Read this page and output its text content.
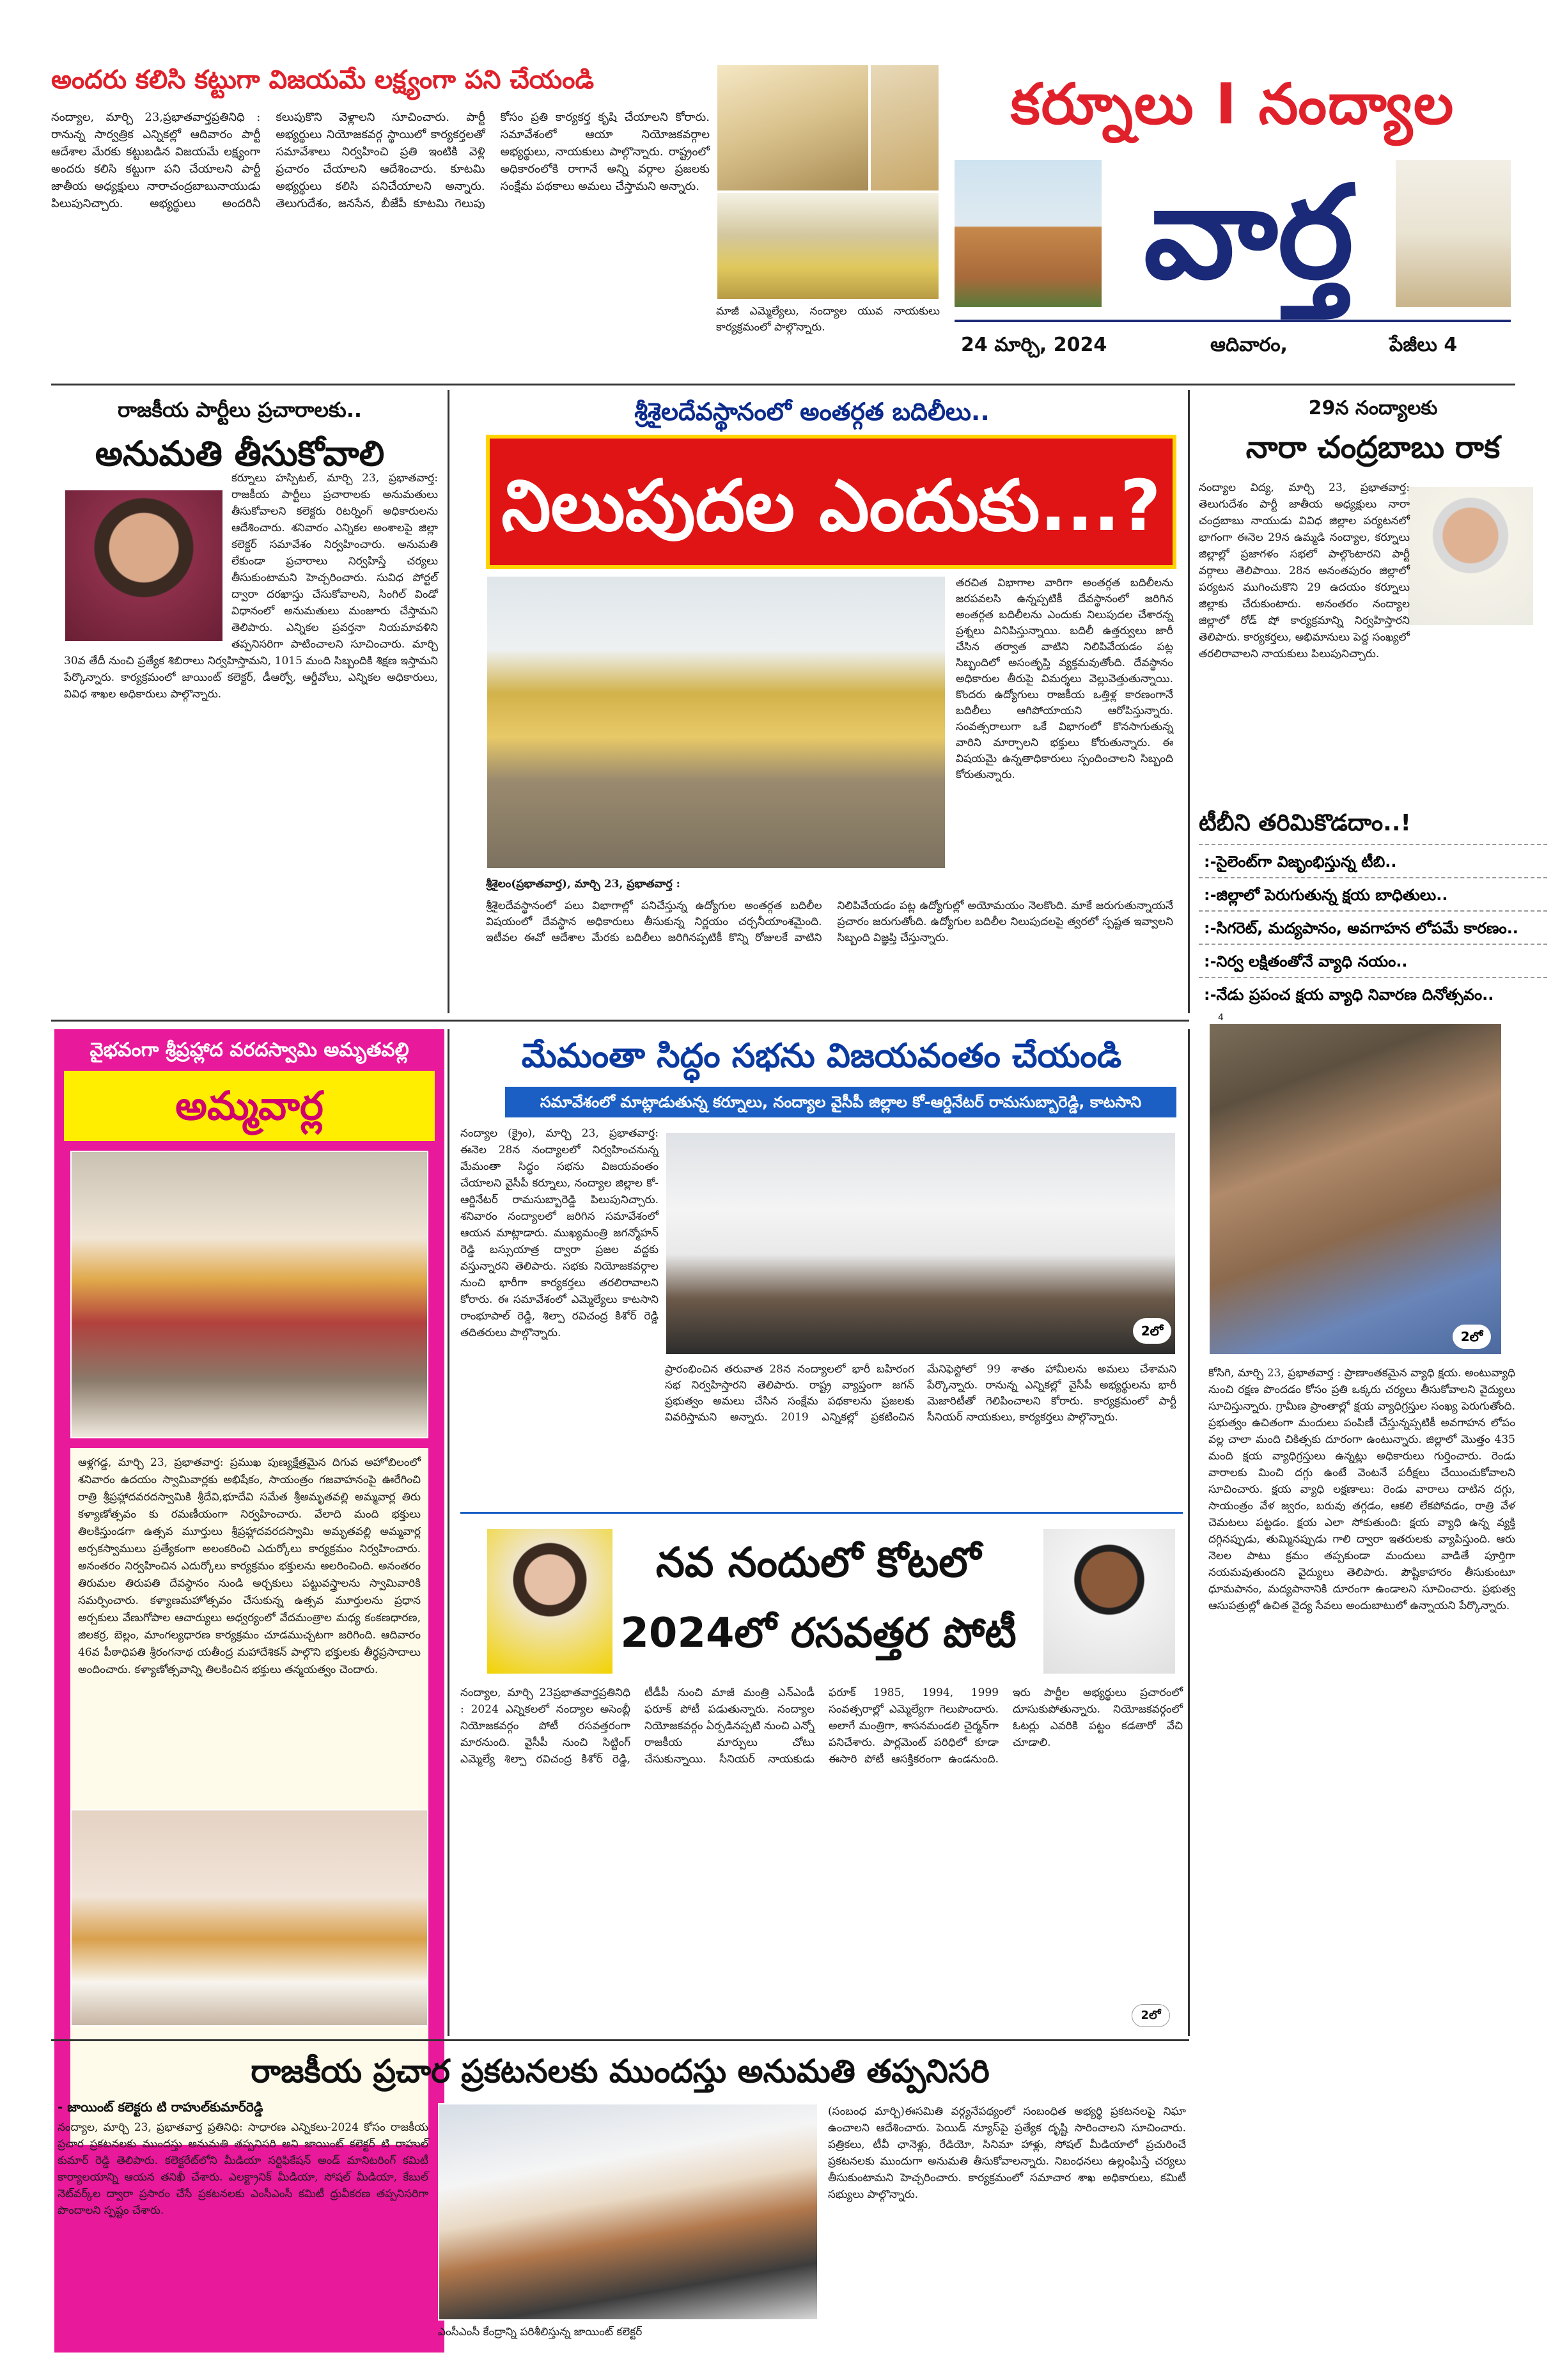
అందరు కలిసి కట్టుగా విజయమే లక్ష్యంగా పని చేయండి
నంద్యాల, మార్చి 23,ప్రభాతవార్తప్రతినిధి : రానున్న సార్వత్రిక ఎన్నికల్లో ఆదివారం పార్టీ ఆదేశాల మేరకు కట్టుబడిన విజయమే లక్ష్యంగా అందరు కలిసి కట్టుగా పని చేయాలని పార్టీ జాతీయ అధ్యక్షులు నారాచంద్రబాబునాయుడు పిలుపునిచ్చారు. అభ్యర్థులు అందరినీ కలుపుకొని వెళ్లాలని సూచించారు. పార్టీ అభ్యర్థులు నియోజకవర్గ స్థాయిలో కార్యకర్తలతో సమావేశాలు నిర్వహించి ప్రతి ఇంటికి వెళ్లి ప్రచారం చేయాలని ఆదేశించారు. కూటమి అభ్యర్థులు కలిసి పనిచేయాలని అన్నారు. తెలుగుదేశం, జనసేన, బీజేపీ కూటమి గెలుపు కోసం ప్రతి కార్యకర్త కృషి చేయాలని కోరారు. సమావేశంలో ఆయా నియోజకవర్గాల అభ్యర్థులు, నాయకులు పాల్గొన్నారు. రాష్ట్రంలో అధికారంలోకి రాగానే అన్ని వర్గాల ప్రజలకు సంక్షేమ పథకాలు అమలు చేస్తామని అన్నారు.
మాజీ ఎమ్మెల్యేలు, నంద్యాల యువ నాయకులు కార్యక్రమంలో పాల్గొన్నారు.
కర్నూలు I నంద్యాల
వార్త
24 మార్చి, 2024	ఆదివారం,	పేజీలు 4
రాజకీయ పార్టీలు ప్రచారాలకు..
అనుమతి తీసుకోవాలి
కర్నూలు హస్పిటల్, మార్చి 23, ప్రభాతవార్త: రాజకీయ పార్టీలు ప్రచారాలకు అనుమతులు తీసుకోవాలని కలెక్టరు రిటర్నింగ్ అధికారులను ఆదేశించారు. శనివారం ఎన్నికల అంశాలపై జిల్లా కలెక్టర్ సమావేశం నిర్వహించారు. అనుమతి లేకుండా ప్రచారాలు నిర్వహిస్తే చర్యలు తీసుకుంటామని హెచ్చరించారు. సువిధ పోర్టల్ ద్వారా దరఖాస్తు చేసుకోవాలని, సింగిల్ విండో విధానంలో అనుమతులు మంజూరు చేస్తామని తెలిపారు. ఎన్నికల ప్రవర్తనా నియమావళిని తప్పనిసరిగా పాటించాలని సూచించారు. మార్చి 30వ తేదీ నుంచి ప్రత్యేక శిబిరాలు నిర్వహిస్తామని, 1015 మంది సిబ్బందికి శిక్షణ ఇస్తామని పేర్కొన్నారు. కార్యక్రమంలో జాయింట్ కలెక్టర్, డీఆర్వో, ఆర్డీవోలు, ఎన్నికల అధికారులు, వివిధ శాఖల అధికారులు పాల్గొన్నారు.
శ్రీశైలదేవస్థానంలో అంతర్గత బదిలీలు..
నిలుపుదల ఎందుకు...?
శ్రీశైలం(ప్రభాతవార్త), మార్చి 23, ప్రభాతవార్త :
తరచిత విభాగాల వారిగా అంతర్గత బదిలీలను జరపవలసి ఉన్నప్పటికీ దేవస్థానంలో జరిగిన అంతర్గత బదిలీలను ఎందుకు నిలుపుదల చేశారన్న ప్రశ్నలు వినిపిస్తున్నాయి. బదిలీ ఉత్తర్వులు జారీ చేసిన తర్వాత వాటిని నిలిపివేయడం పట్ల సిబ్బందిలో అసంతృప్తి వ్యక్తమవుతోంది. దేవస్థానం అధికారుల తీరుపై విమర్శలు వెల్లువెత్తుతున్నాయి. కొందరు ఉద్యోగులు రాజకీయ ఒత్తిళ్ల కారణంగానే బదిలీలు ఆగిపోయాయని ఆరోపిస్తున్నారు. సంవత్సరాలుగా ఒకే విభాగంలో కొనసాగుతున్న వారిని మార్చాలని భక్తులు కోరుతున్నారు. ఈ విషయమై ఉన్నతాధికారులు స్పందించాలని సిబ్బంది కోరుతున్నారు.
శ్రీశైలదేవస్థానంలో పలు విభాగాల్లో పనిచేస్తున్న ఉద్యోగుల అంతర్గత బదిలీల విషయంలో దేవస్థాన అధికారులు తీసుకున్న నిర్ణయం చర్చనీయాంశమైంది. ఇటీవల ఈవో ఆదేశాల మేరకు బదిలీలు జరిగినప్పటికీ కొన్ని రోజులకే వాటిని నిలిపివేయడం పట్ల ఉద్యోగుల్లో అయోమయం నెలకొంది. మాకే జరుగుతున్నాయనే ప్రచారం జరుగుతోంది. ఉద్యోగుల బదిలీల నిలుపుదలపై త్వరలో స్పష్టత ఇవ్వాలని సిబ్బంది విజ్ఞప్తి చేస్తున్నారు.
29న నంద్యాలకు
నారా చంద్రబాబు రాక
నంద్యాల విద్య, మార్చి 23, ప్రభాతవార్త: తెలుగుదేశం పార్టీ జాతీయ అధ్యక్షులు నారా చంద్రబాబు నాయుడు వివిధ జిల్లాల పర్యటనలో భాగంగా ఈనెల 29న ఉమ్మడి నంద్యాల, కర్నూలు జిల్లాల్లో ప్రజాగళం సభలో పాల్గొంటారని పార్టీ వర్గాలు తెలిపాయి. 28న అనంతపురం జిల్లాలో పర్యటన ముగించుకొని 29 ఉదయం కర్నూలు జిల్లాకు చేరుకుంటారు. అనంతరం నంద్యాల జిల్లాలో రోడ్ షో కార్యక్రమాన్ని నిర్వహిస్తారని తెలిపారు. కార్యకర్తలు, అభిమానులు పెద్ద సంఖ్యలో తరలిరావాలని నాయకులు పిలుపునిచ్చారు.
టీబీని తరిమికొడదాం..!
:-సైలెంట్‌గా విజృంభిస్తున్న టీబి..
:-జిల్లాలో పెరుగుతున్న క్షయ బాధితులు..
:-సిగరెట్, మద్యపానం, అవగాహన లోపమే కారణం..
:-నిర్వ లక్షితంతోనే వ్యాధి నయం..
:-నేడు ప్రపంచ క్షయ వ్యాధి నివారణ దినోత్సవం..
4
వైభవంగా శ్రీప్రహ్లాద వరదస్వామి అమృతవల్లి
అమ్మవార్ల
ఆళ్లగడ్డ, మార్చి 23, ప్రభాతవార్త: ప్రముఖ పుణ్యక్షేత్రమైన దిగువ అహోబిలంలో శనివారం ఉదయం స్వామివార్లకు అభిషేకం, సాయంత్రం గజవాహనంపై ఊరేగించి రాత్రి శ్రీప్రహ్లాదవరదస్వామికి శ్రీదేవి,భూదేవి సమేత శ్రీఅమృతవల్లి అమ్మవార్ల తిరు కళ్యాణోత్సవం కు రమణీయంగా నిర్వహించారు. వేలాది మంది భక్తులు తిలకిస్తుండగా ఉత్సవ మూర్తులు శ్రీప్రహ్లాదవరదస్వామి అమృతవల్లి అమ్మవార్ల అర్చకస్వాములు ప్రత్యేకంగా అలంకరించి ఎదుర్కోలు కార్యక్రమం నిర్వహించారు. అనంతరం నిర్వహించిన ఎదుర్కోలు కార్యక్రమం భక్తులను అలరించింది. అనంతరం తిరుమల తిరుపతి దేవస్థానం నుండి అర్చకులు పట్టువస్త్రాలను స్వామివారికి సమర్పించారు. కళ్యాణమహోత్సవం చేసుకున్న ఉత్సవ మూర్తులను ప్రధాన అర్చకులు వేణుగోపాల ఆచార్యులు అధ్వర్యంలో వేదమంత్రాల మధ్య కంకణధారణ, జిలకర్ర, బెల్లం, మాంగల్యధారణ కార్యక్రమం చూడముచ్చటగా జరిగింది. ఆదివారం 46వ పీఠాధిపతి శ్రీరంగనాథ యతీంద్ర మహాదేశికన్ పాల్గొని భక్తులకు తీర్థప్రసాదాలు అందించారు. కళ్యాణోత్సవాన్ని తిలకించిన భక్తులు తన్మయత్వం చెందారు.
మేమంతా సిద్ధం సభను విజయవంతం చేయండి
సమావేశంలో మాట్లాడుతున్న కర్నూలు, నంద్యాల వైసీపీ జిల్లాల కో-ఆర్డినేటర్ రామసుబ్బారెడ్డి, కాటసాని
నంద్యాల (క్రైం), మార్చి 23, ప్రభాతవార్త: ఈనెల 28న నంద్యాలలో నిర్వహించనున్న మేమంతా సిద్ధం సభను విజయవంతం చేయాలని వైసీపీ కర్నూలు, నంద్యాల జిల్లాల కో-ఆర్డినేటర్ రామసుబ్బారెడ్డి పిలుపునిచ్చారు. శనివారం నంద్యాలలో జరిగిన సమావేశంలో ఆయన మాట్లాడారు. ముఖ్యమంత్రి జగన్మోహన్ రెడ్డి బస్సుయాత్ర ద్వారా ప్రజల వద్దకు వస్తున్నారని తెలిపారు. సభకు నియోజకవర్గాల నుంచి భారీగా కార్యకర్తలు తరలిరావాలని కోరారు. ఈ సమావేశంలో ఎమ్మెల్యేలు కాటసాని రాంభూపాల్ రెడ్డి, శిల్పా రవిచంద్ర కిశోర్ రెడ్డి తదితరులు పాల్గొన్నారు.	2లో
ప్రారంభించిన తరువాత 28న నంద్యాలలో భారీ బహిరంగ సభ నిర్వహిస్తారని తెలిపారు. రాష్ట్ర వ్యాప్తంగా జగన్ ప్రభుత్వం అమలు చేసిన సంక్షేమ పథకాలను ప్రజలకు వివరిస్తామని అన్నారు. 2019 ఎన్నికల్లో ప్రకటించిన మేనిఫెస్టోలో 99 శాతం హామీలను అమలు చేశామని పేర్కొన్నారు. రానున్న ఎన్నికల్లో వైసీపీ అభ్యర్థులను భారీ మెజారిటీతో గెలిపించాలని కోరారు. కార్యక్రమంలో పార్టీ సీనియర్ నాయకులు, కార్యకర్తలు పాల్గొన్నారు.
నవ నందులో కోటలో
2024లో రసవత్తర పోటీ
నంద్యాల, మార్చి 23ప్రభాతవార్తప్రతినిధి : 2024 ఎన్నికలలో నంద్యాల అసెంబ్లీ నియోజకవర్గం పోటీ రసవత్తరంగా మారనుంది. వైసీపీ నుంచి సిట్టింగ్ ఎమ్మెల్యే శిల్పా రవిచంద్ర కిశోర్ రెడ్డి, టీడీపీ నుంచి మాజీ మంత్రి ఎన్ఎండీ ఫరూక్ పోటీ పడుతున్నారు. నంద్యాల నియోజకవర్గం ఏర్పడినప్పటి నుంచి ఎన్నో రాజకీయ మార్పులు చోటు చేసుకున్నాయి. సీనియర్ నాయకుడు ఫరూక్ 1985, 1994, 1999 సంవత్సరాల్లో ఎమ్మెల్యేగా గెలుపొందారు. అలాగే మంత్రిగా, శాసనమండలి చైర్మన్‌గా పనిచేశారు. పార్లమెంట్ పరిధిలో కూడా ఈసారి పోటీ ఆసక్తికరంగా ఉండనుంది. ఇరు పార్టీల అభ్యర్థులు ప్రచారంలో దూసుకుపోతున్నారు. నియోజకవర్గంలో ఓటర్లు ఎవరికి పట్టం కడతారో వేచి చూడాలి.
2లో
2లో
కోసిగి, మార్చి 23, ప్రభాతవార్త : ప్రాణాంతకమైన వ్యాధి క్షయ. అంటువ్యాధి నుంచి రక్షణ పొందడం కోసం ప్రతి ఒక్కరు చర్యలు తీసుకోవాలని వైద్యులు సూచిస్తున్నారు. గ్రామీణ ప్రాంతాల్లో క్షయ వ్యాధిగ్రస్తుల సంఖ్య పెరుగుతోంది. ప్రభుత్వం ఉచితంగా మందులు పంపిణీ చేస్తున్నప్పటికీ అవగాహన లోపం వల్ల చాలా మంది చికిత్సకు దూరంగా ఉంటున్నారు. జిల్లాలో మొత్తం 435 మంది క్షయ వ్యాధిగ్రస్తులు ఉన్నట్లు అధికారులు గుర్తించారు. రెండు వారాలకు మించి దగ్గు ఉంటే వెంటనే పరీక్షలు చేయించుకోవాలని సూచించారు. క్షయ వ్యాధి లక్షణాలు: రెండు వారాలు దాటిన దగ్గు, సాయంత్రం వేళ జ్వరం, బరువు తగ్గడం, ఆకలి లేకపోవడం, రాత్రి వేళ చెమటలు పట్టడం. క్షయ ఎలా సోకుతుంది: క్షయ వ్యాధి ఉన్న వ్యక్తి దగ్గినప్పుడు, తుమ్మినప్పుడు గాలి ద్వారా ఇతరులకు వ్యాపిస్తుంది. ఆరు నెలల పాటు క్రమం తప్పకుండా మందులు వాడితే పూర్తిగా నయమవుతుందని వైద్యులు తెలిపారు. పౌష్టికాహారం తీసుకుంటూ ధూమపానం, మద్యపానానికి దూరంగా ఉండాలని సూచించారు. ప్రభుత్వ ఆసుపత్రుల్లో ఉచిత వైద్య సేవలు అందుబాటులో ఉన్నాయని పేర్కొన్నారు.
రాజకీయ ప్రచార ప్రకటనలకు ముందస్తు అనుమతి తప్పనిసరి
- జాయింట్ కలెక్టరు టి రాహుల్‌కుమార్‌రెడ్డి
నంద్యాల, మార్చి 23, ప్రభాతవార్త ప్రతినిధి: సాధారణ ఎన్నికలు-2024 కోసం రాజకీయ ప్రచార ప్రకటనలకు ముందస్తు అనుమతి తప్పనిసరి అని జాయింట్ కలెక్టర్ టి రాహుల్ కుమార్ రెడ్డి తెలిపారు. కలెక్టరేట్‌లోని మీడియా సర్టిఫికేషన్ అండ్ మానిటరింగ్ కమిటీ కార్యాలయాన్ని ఆయన తనిఖీ చేశారు. ఎలక్ట్రానిక్ మీడియా, సోషల్ మీడియా, కేబుల్ నెట్‌వర్క్‌ల ద్వారా ప్రసారం చేసే ప్రకటనలకు ఎంసీఎంసీ కమిటీ ధ్రువీకరణ తప్పనిసరిగా పొందాలని స్పష్టం చేశారు.
(సంబంధ మార్చి)ఈసమితి వర్గ్యనేపథ్యంలో సంబంధిత అభ్యర్థి ప్రకటనలపై నిఘా ఉంచాలని ఆదేశించారు. పెయిడ్ న్యూస్‌పై ప్రత్యేక దృష్టి సారించాలని సూచించారు. పత్రికలు, టీవీ ఛానెళ్లు, రేడియో, సినిమా హాళ్లు, సోషల్ మీడియాలో ప్రచురించే ప్రకటనలకు ముందుగా అనుమతి తీసుకోవాలన్నారు. నిబంధనలు ఉల్లంఘిస్తే చర్యలు తీసుకుంటామని హెచ్చరించారు. కార్యక్రమంలో సమాచార శాఖ అధికారులు, కమిటీ సభ్యులు పాల్గొన్నారు.
ఎంసీఎంసీ కేంద్రాన్ని పరిశీలిస్తున్న జాయింట్ కలెక్టర్
